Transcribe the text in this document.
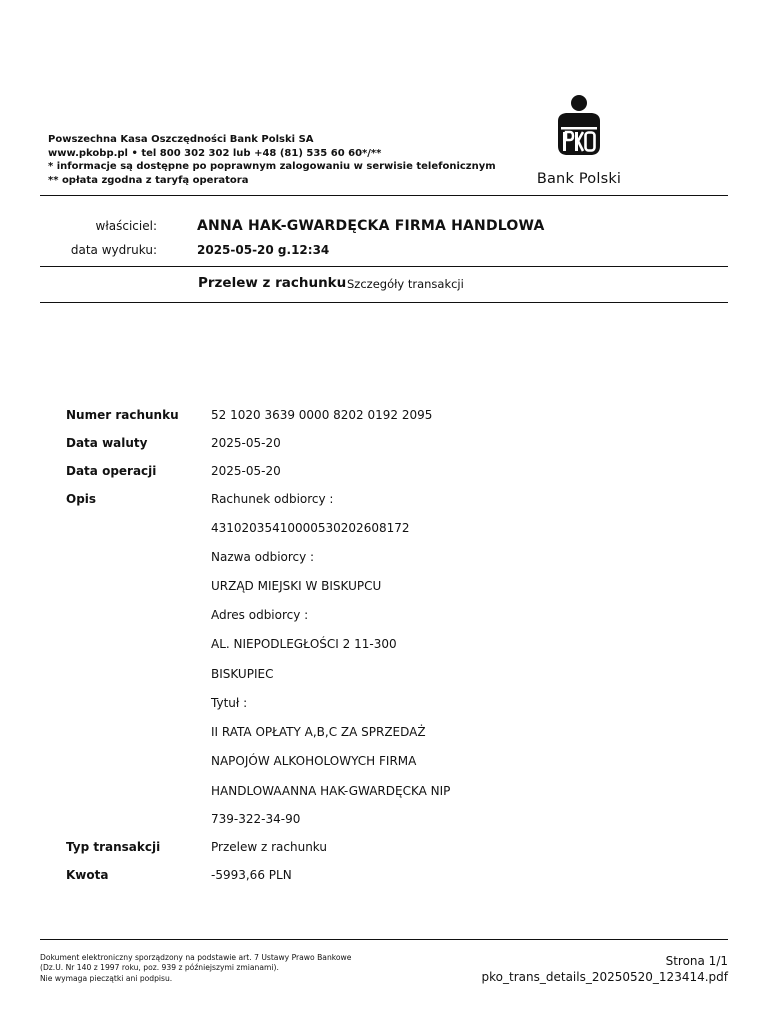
Powszechna Kasa Oszczędności Bank Polski SA
www.pkobp.pl • tel 800 302 302 lub +48 (81) 535 60 60*/**
* informacje są dostępne po poprawnym zalogowaniu w serwisie telefonicznym
** opłata zgodna z taryfą operatora	Bank Polski
właściciel:	ANNA HAK-GWARDĘCKA FIRMA HANDLOWA
data wydruku:	2025-05-20 g.12:34
Przelew z rachunku Szczegóły transakcji
Numer rachunku	52 1020 3639 0000 8202 0192 2095
Data waluty	2025-05-20
Data operacji	2025-05-20
Opis	Rachunek odbiorcy :
43102035410000530202608172
Nazwa odbiorcy :
URZĄD MIEJSKI W BISKUPCU
Adres odbiorcy :
AL. NIEPODLEGŁOŚCI 2 11-300
BISKUPIEC
Tytuł :
II RATA OPŁATY A,B,C ZA SPRZEDAŻ
NAPOJÓW ALKOHOLOWYCH FIRMA
HANDLOWAANNA HAK-GWARDĘCKA NIP
739-322-34-90
Typ transakcji	Przelew z rachunku
Kwota	-5993,66 PLN
Dokument elektroniczny sporządzony na podstawie art. 7 Ustawy Prawo Bankowe
(Dz.U. Nr 140 z 1997 roku, poz. 939 z późniejszymi zmianami).
Nie wymaga pieczątki ani podpisu.
Strona 1/1
pko_trans_details_20250520_123414.pdf
